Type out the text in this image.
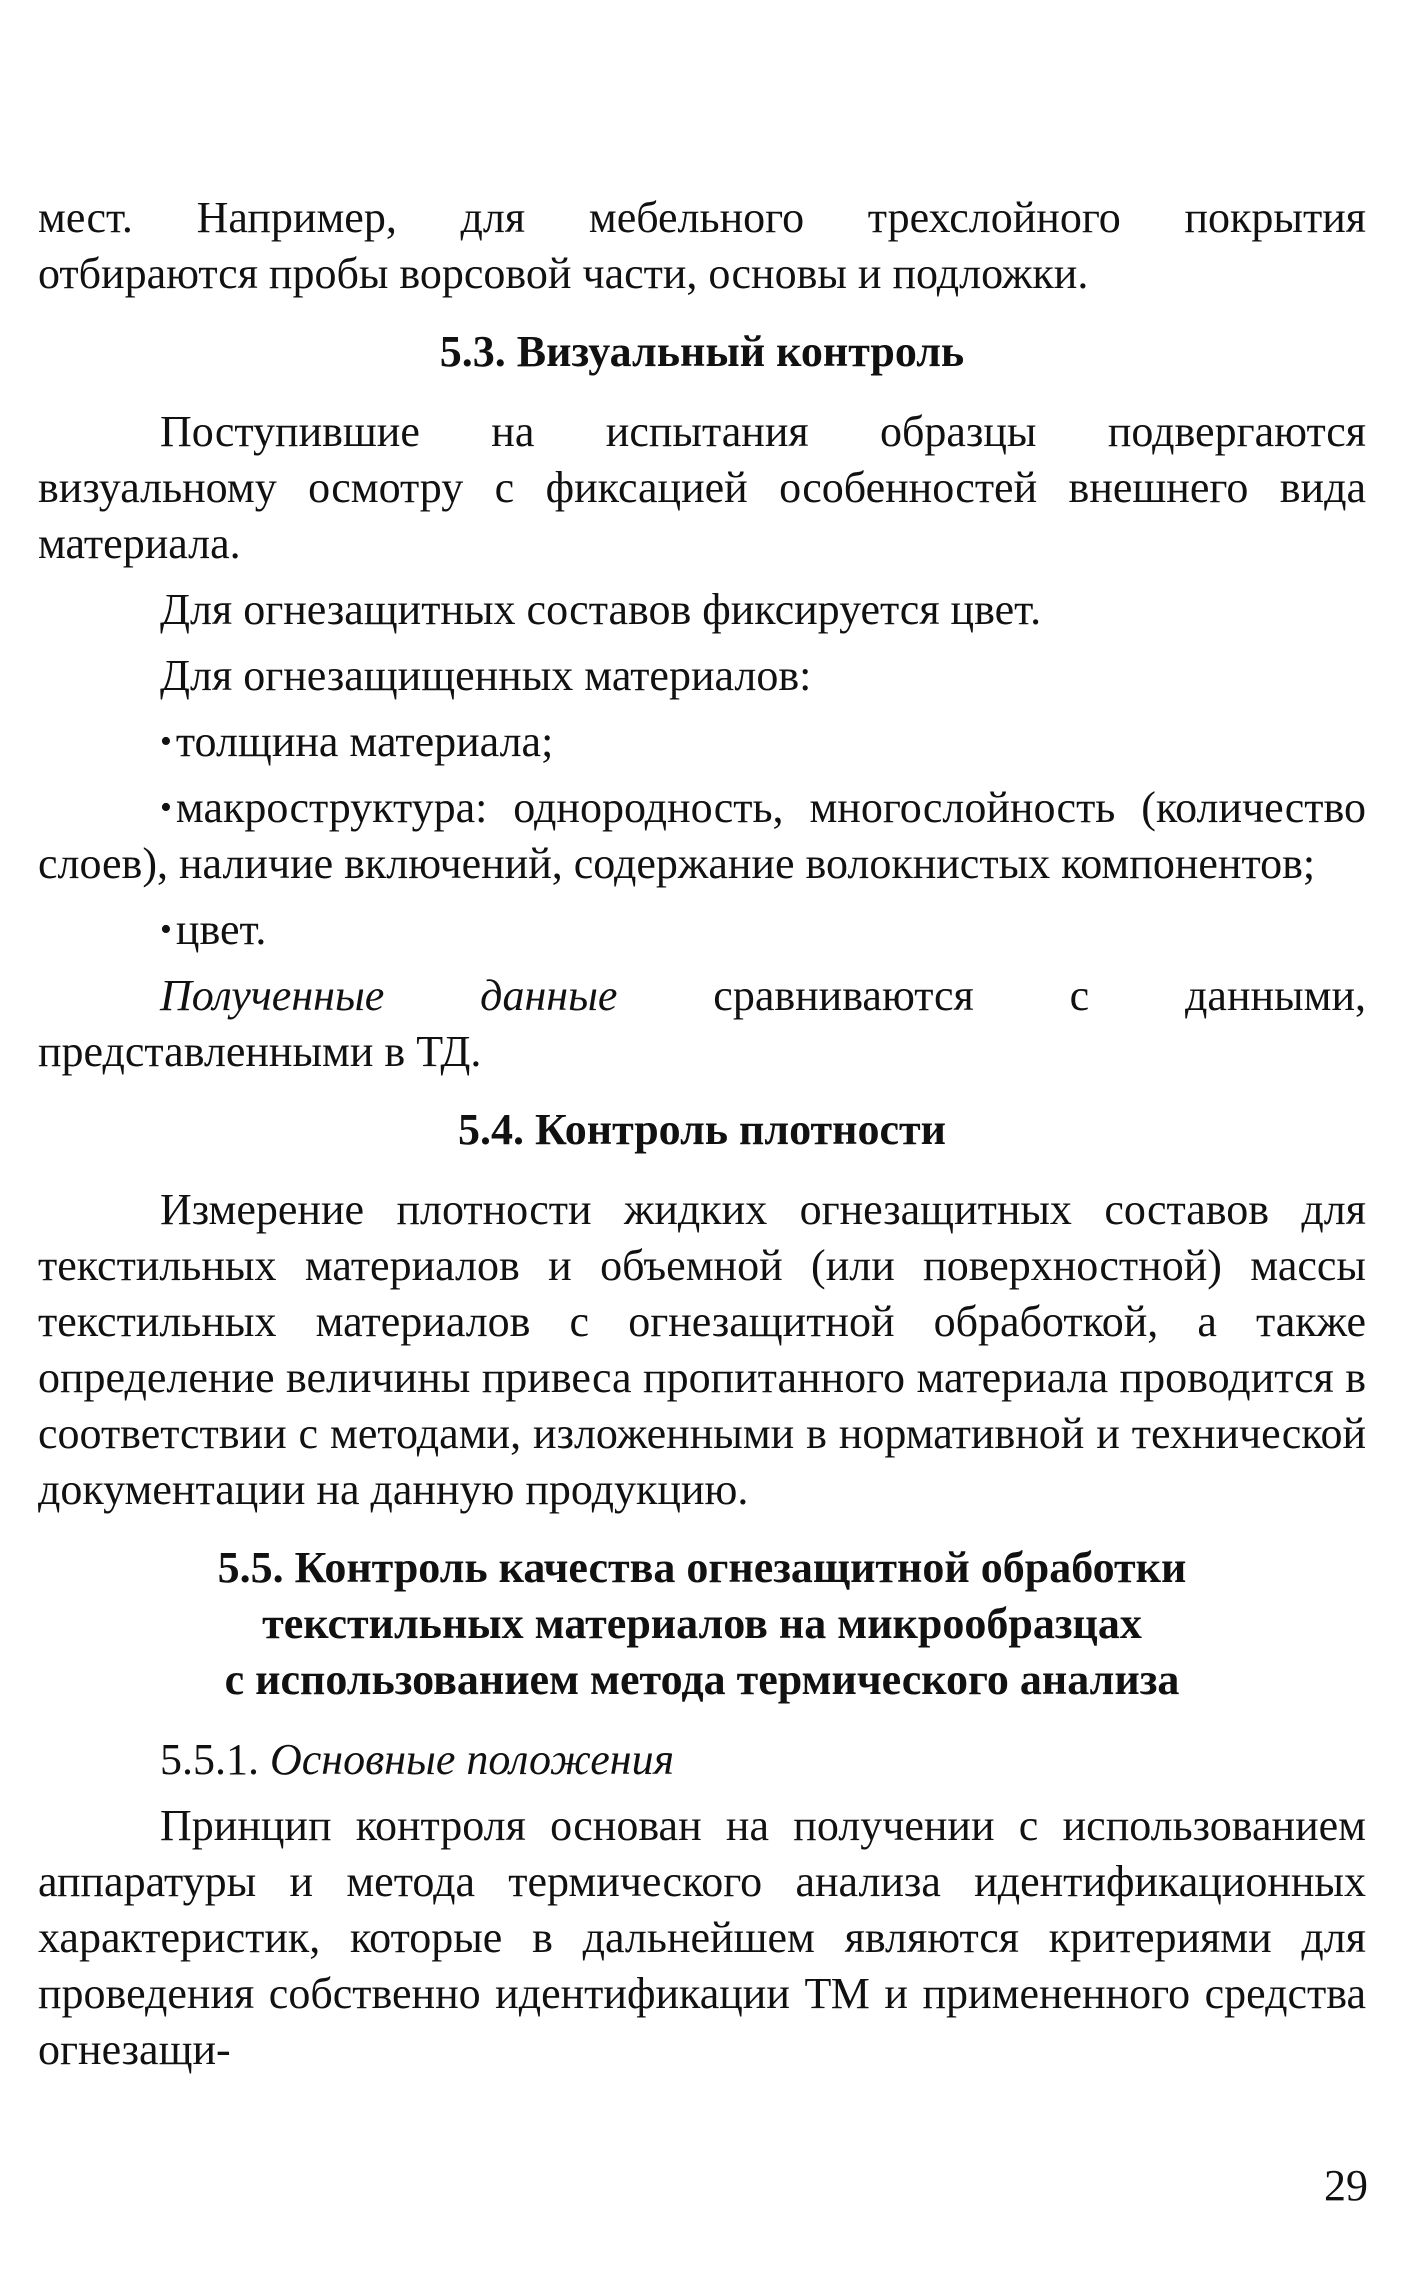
мест. Например, для мебельного трехслойного покрытия

отбираются пробы ворсовой части, основы и подложки.

5.3. Визуальный контроль

Поступившие на испытания образцы подвергаются визуальному осмотру с фиксацией особенностей внешнего вида материала.

Для огнезащитных составов фиксируется цвет.

Для огнезащищенных материалов:

•толщина материала;

•макроструктура: однородность, многослойность (количество слоев), наличие включений, содержание волокнистых компонентов;

•цвет.

Полученные данные сравниваются с данными, представленными в ТД.

5.4. Контроль плотности

Измерение плотности жидких огнезащитных составов для текстильных материалов и объемной (или поверхностной) массы текстильных материалов с огнезащитной обработкой, а также определение величины привеса пропитанного материала проводится в соответствии с методами, изложенными в нормативной и технической документации на данную продукцию.

5.5. Контроль качества огнезащитной обработки

текстильных материалов на микрообразцах

с использованием метода термического анализа

5.5.1. Основные положения

Принцип контроля основан на получении с использованием аппаратуры и метода термического анализа идентификационных характеристик, которые в дальнейшем являются критериями для проведения собственно идентификации ТМ и примененного средства огнезащи-

29
